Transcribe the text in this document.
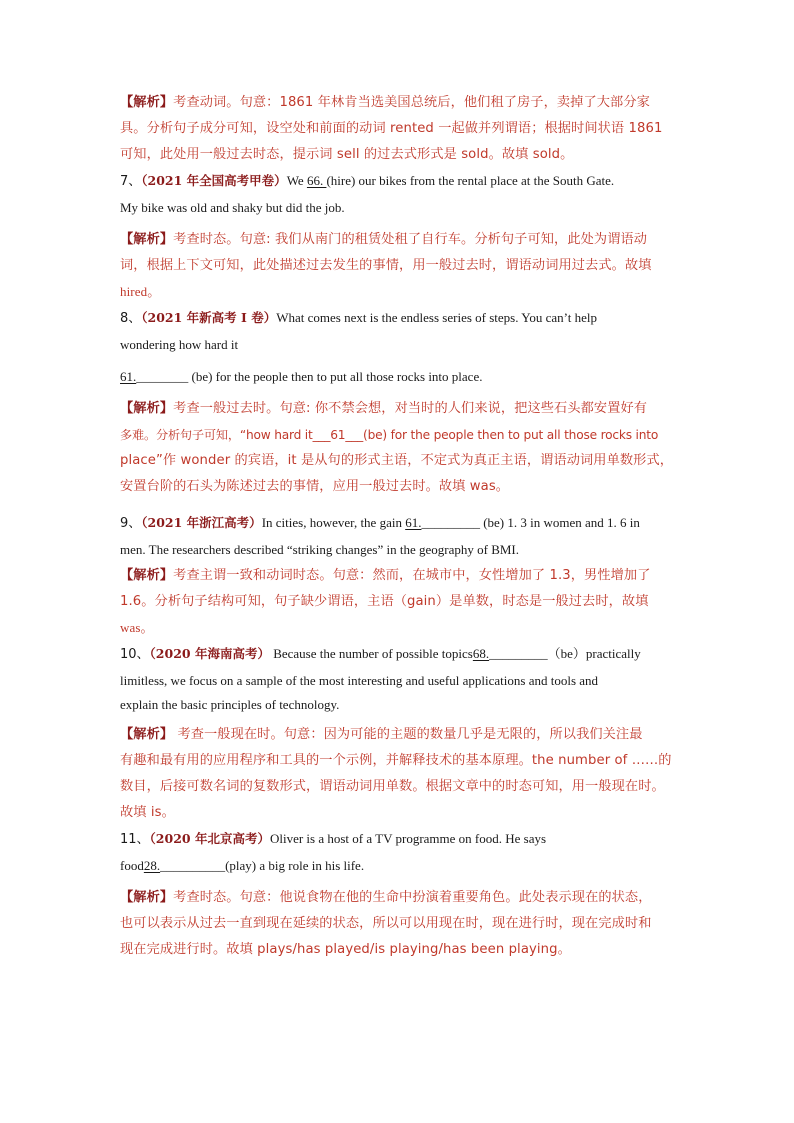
【解析】考查动词。句意：1861 年林肯当选美国总统后，他们租了房子，卖掉了大部分家
具。分析句子成分可知，设空处和前面的动词 rented 一起做并列谓语；根据时间状语 1861
可知，此处用一般过去时态，提示词 sell 的过去式形式是 sold。故填 sold。
7、（2021 年全国高考甲卷）We 66. (hire) our bikes from the rental place at the South Gate.
My bike was old and shaky but did the job.
【解析】考查时态。句意: 我们从南门的租赁处租了自行车。分析句子可知，此处为谓语动
词，根据上下文可知，此处描述过去发生的事情，用一般过去时，谓语动词用过去式。故填
hired。
8、（2021 年新高考 I 卷）What comes next is the endless series of steps. You can’t help
wondering how hard it
61.________ (be) for the people then to put all those rocks into place.
【解析】考查一般过去时。句意: 你不禁会想，对当时的人们来说，把这些石头都安置好有
多难。分析句子可知，“how hard it___61___(be) for the people then to put all those rocks into
place”作 wonder 的宾语，it 是从句的形式主语，不定式为真正主语，谓语动词用单数形式，
安置台阶的石头为陈述过去的事情，应用一般过去时。故填 was。
9、（2021 年浙江高考）In cities, however, the gain 61._________ (be) 1. 3 in women and 1. 6 in
men. The researchers described “striking changes” in the geography of BMI.
【解析】考查主谓一致和动词时态。句意：然而，在城市中，女性增加了 1.3，男性增加了
1.6。分析句子结构可知，句子缺少谓语，主语（gain）是单数，时态是一般过去时，故填
was。
10、（2020 年海南高考） Because the number of possible topics68._________（be）practically
limitless, we focus on a sample of the most interesting and useful applications and tools and
explain the basic principles of technology.
【解析】 考查一般现在时。句意：因为可能的主题的数量几乎是无限的，所以我们关注最
有趣和最有用的应用程序和工具的一个示例，并解释技术的基本原理。the number of ……的
数目，后接可数名词的复数形式，谓语动词用单数。根据文章中的时态可知，用一般现在时。
故填 is。
11、（2020 年北京高考）Oliver is a host of a TV programme on food. He says
food28.__________(play) a big role in his life.
【解析】考查时态。句意：他说食物在他的生命中扮演着重要角色。此处表示现在的状态，
也可以表示从过去一直到现在延续的状态，所以可以用现在时，现在进行时，现在完成时和
现在完成进行时。故填 plays/has played/is playing/has been playing。
